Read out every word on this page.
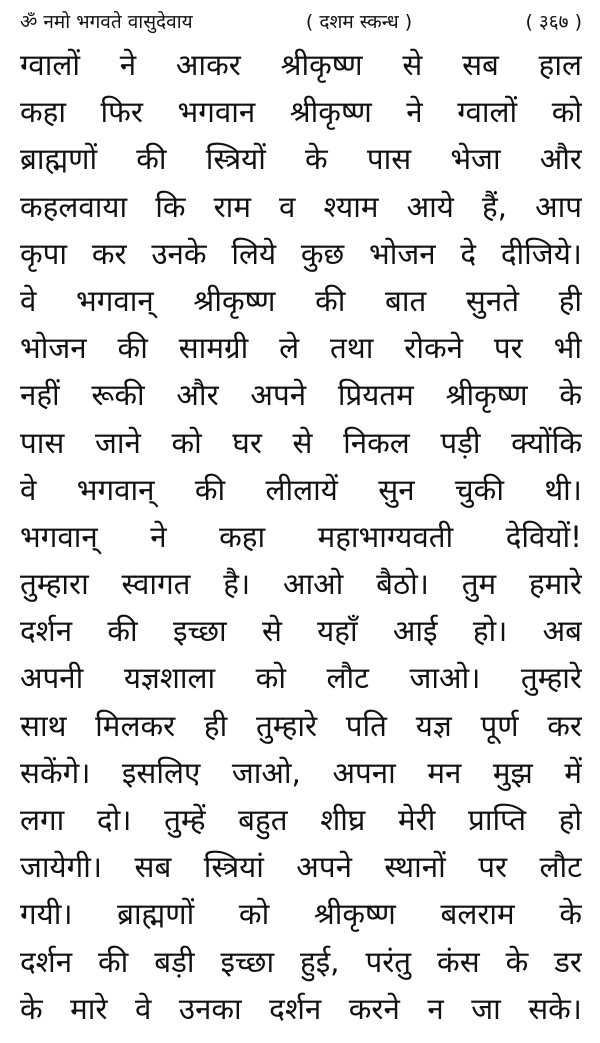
ॐ नमो भगवते वासुदेवाय	( दशम स्कन्ध )	( ३६७ )
ग्वालों ने आकर श्रीकृष्ण से सब हाल
कहा फिर भगवान श्रीकृष्ण ने ग्वालों को
ब्राह्मणों की स्त्रियों के पास भेजा और
कहलवाया कि राम व श्याम आये हैं, आप
कृपा कर उनके लिये कुछ भोजन दे दीजिये।
वे भगवान् श्रीकृष्ण की बात सुनते ही
भोजन की सामग्री ले तथा रोकने पर भी
नहीं रूकी और अपने प्रियतम श्रीकृष्ण के
पास जाने को घर से निकल पड़ी क्योंकि
वे भगवान् की लीलायें सुन चुकी थी।
भगवान् ने कहा महाभाग्यवती देवियों!
तुम्हारा स्वागत है। आओ बैठो। तुम हमारे
दर्शन की इच्छा से यहाँ आई हो। अब
अपनी यज्ञशाला को लौट जाओ। तुम्हारे
साथ मिलकर ही तुम्हारे पति यज्ञ पूर्ण कर
सकेंगे। इसलिए जाओ, अपना मन मुझ में
लगा दो। तुम्हें बहुत शीघ्र मेरी प्राप्ति हो
जायेगी। सब स्त्रियां अपने स्थानों पर लौट
गयी। ब्राह्मणों को श्रीकृष्ण बलराम के
दर्शन की बड़ी इच्छा हुई, परंतु कंस के डर
के मारे वे उनका दर्शन करने न जा सके।
